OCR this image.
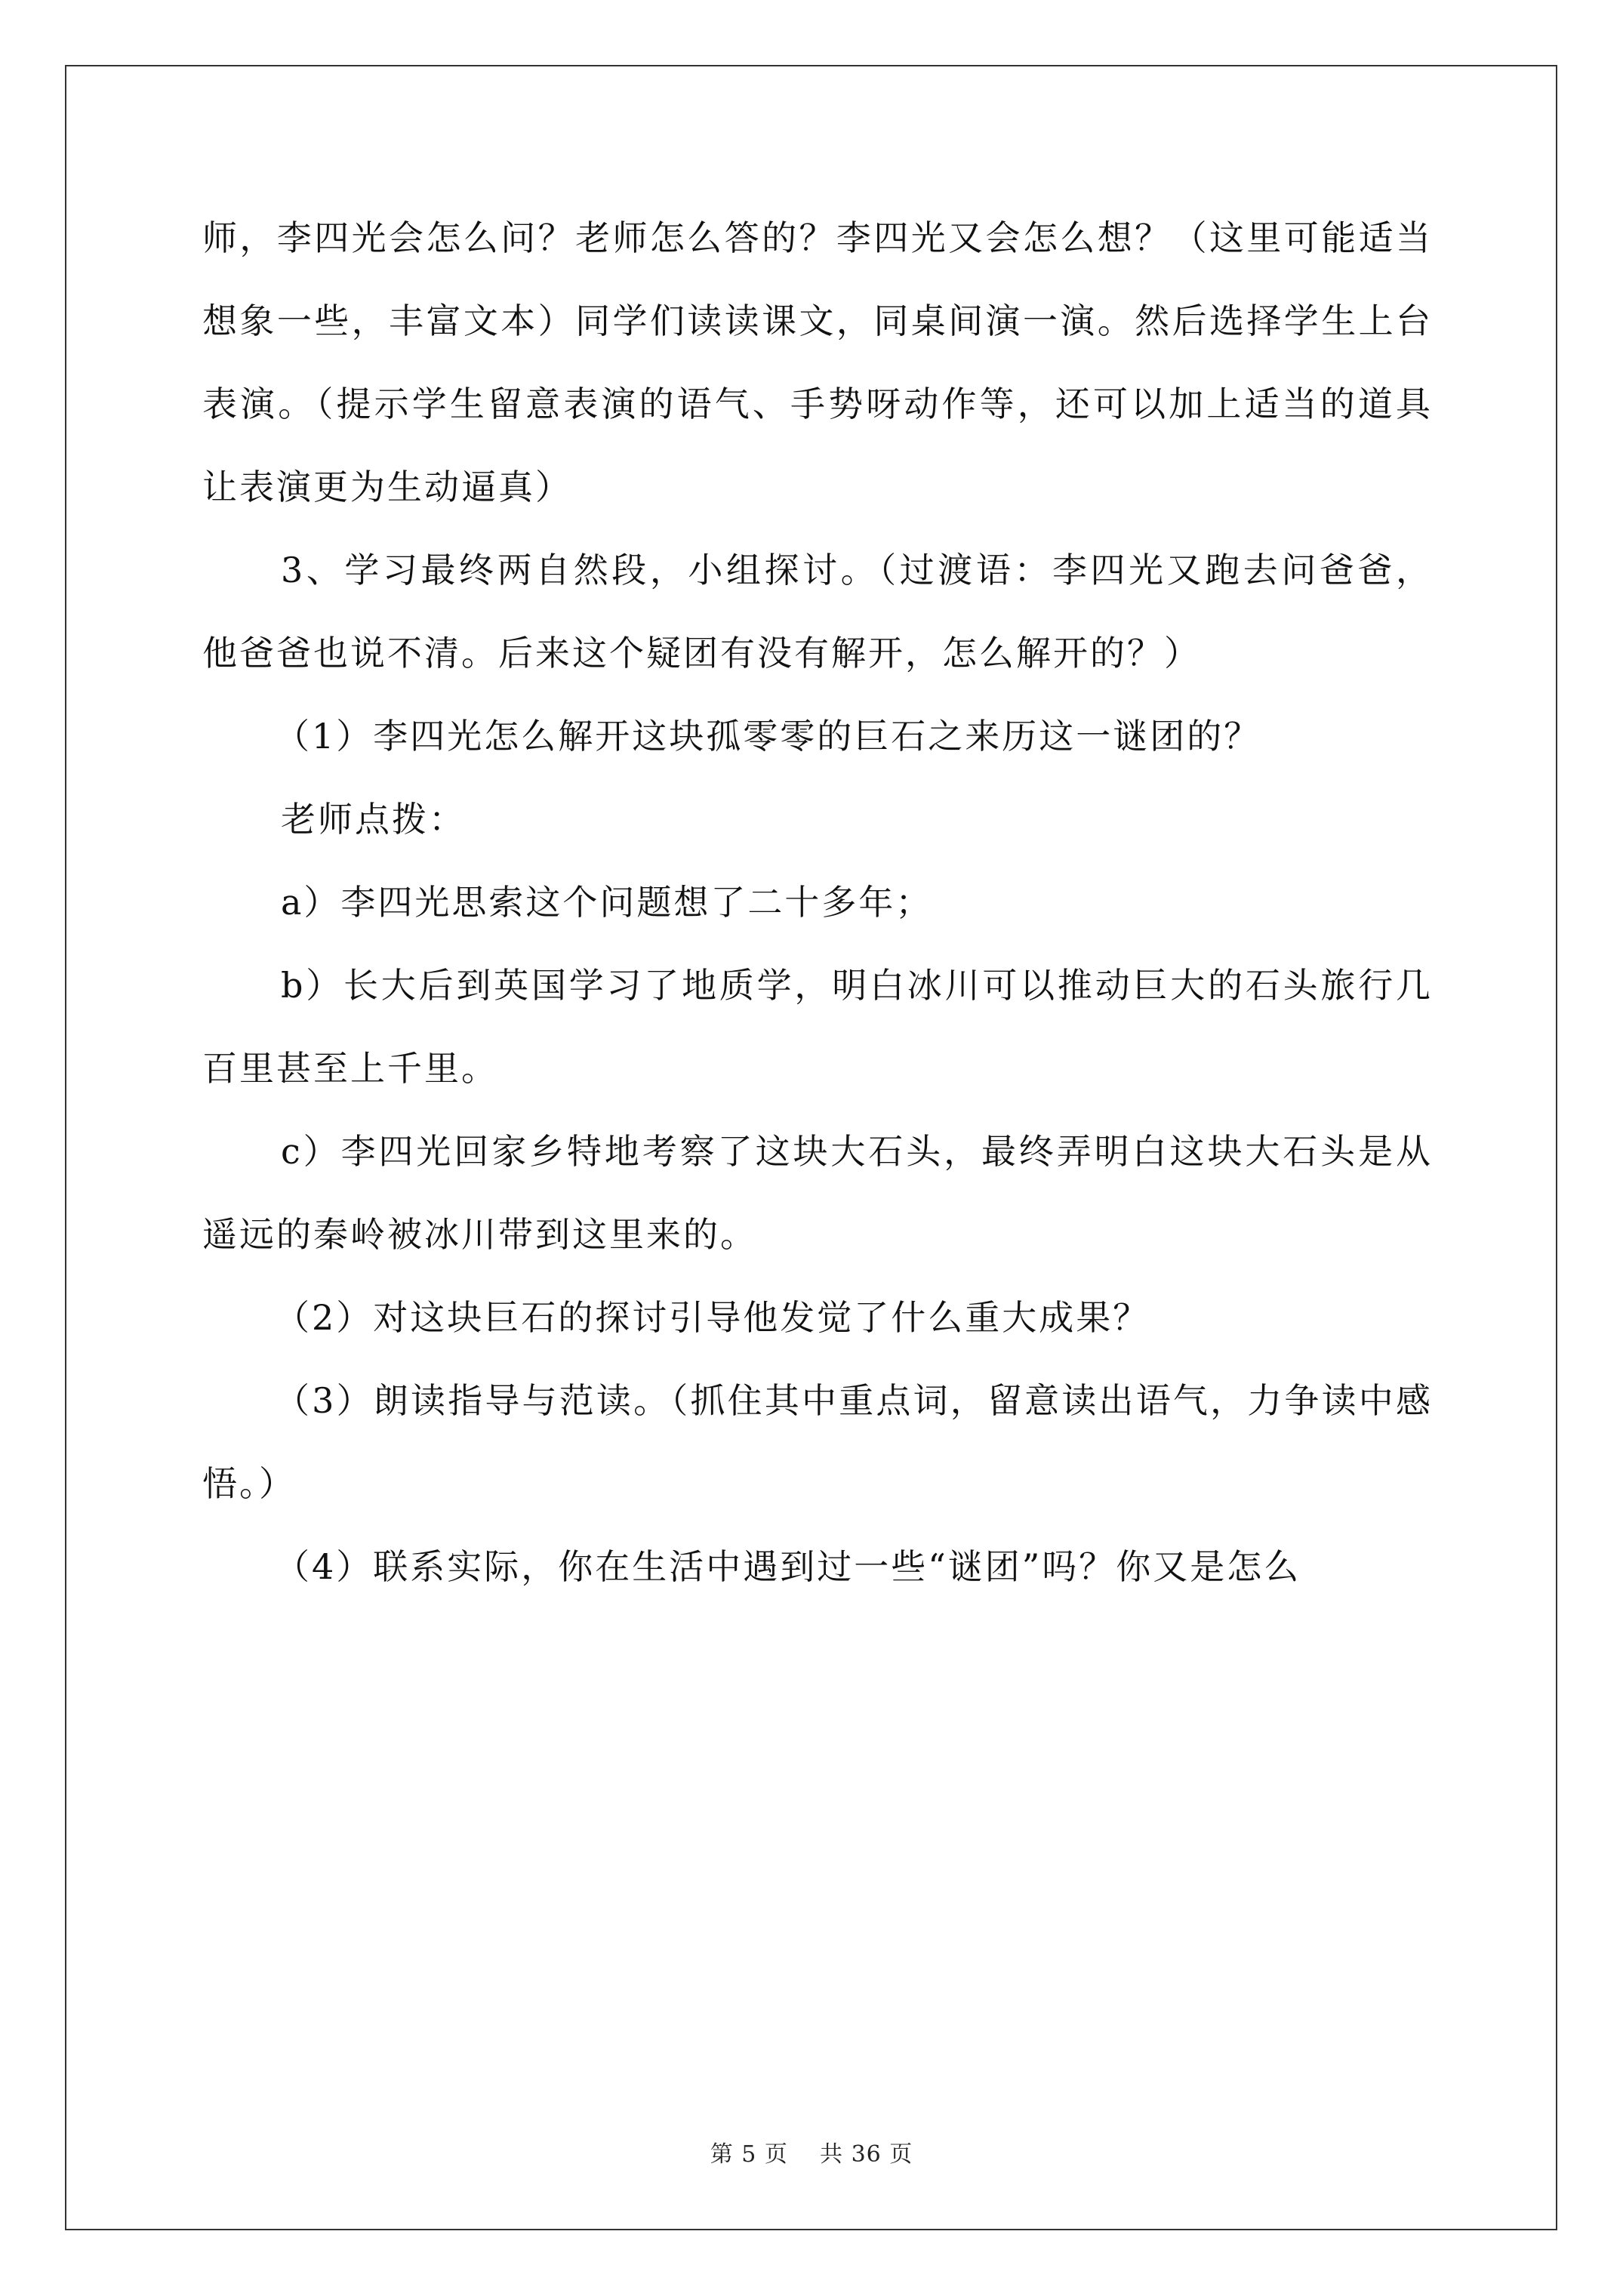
师，李四光会怎么问？老师怎么答的？李四光又会怎么想？（这里可能适当想象一些，丰富文本）同学们读读课文，同桌间演一演。然后选择学生上台表演。（提示学生留意表演的语气、手势呀动作等，还可以加上适当的道具让表演更为生动逼真）

3、学习最终两自然段，小组探讨。（过渡语：李四光又跑去问爸爸，他爸爸也说不清。后来这个疑团有没有解开，怎么解开的？）

（1）李四光怎么解开这块孤零零的巨石之来历这一谜团的？

老师点拨：

a）李四光思索这个问题想了二十多年；

b）长大后到英国学习了地质学，明白冰川可以推动巨大的石头旅行几百里甚至上千里。

c）李四光回家乡特地考察了这块大石头，最终弄明白这块大石头是从遥远的秦岭被冰川带到这里来的。

（2）对这块巨石的探讨引导他发觉了什么重大成果？

（3）朗读指导与范读。（抓住其中重点词，留意读出语气，力争读中感悟。）

（4）联系实际，你在生活中遇到过一些“谜团”吗？你又是怎么

第 5 页 共 36 页
